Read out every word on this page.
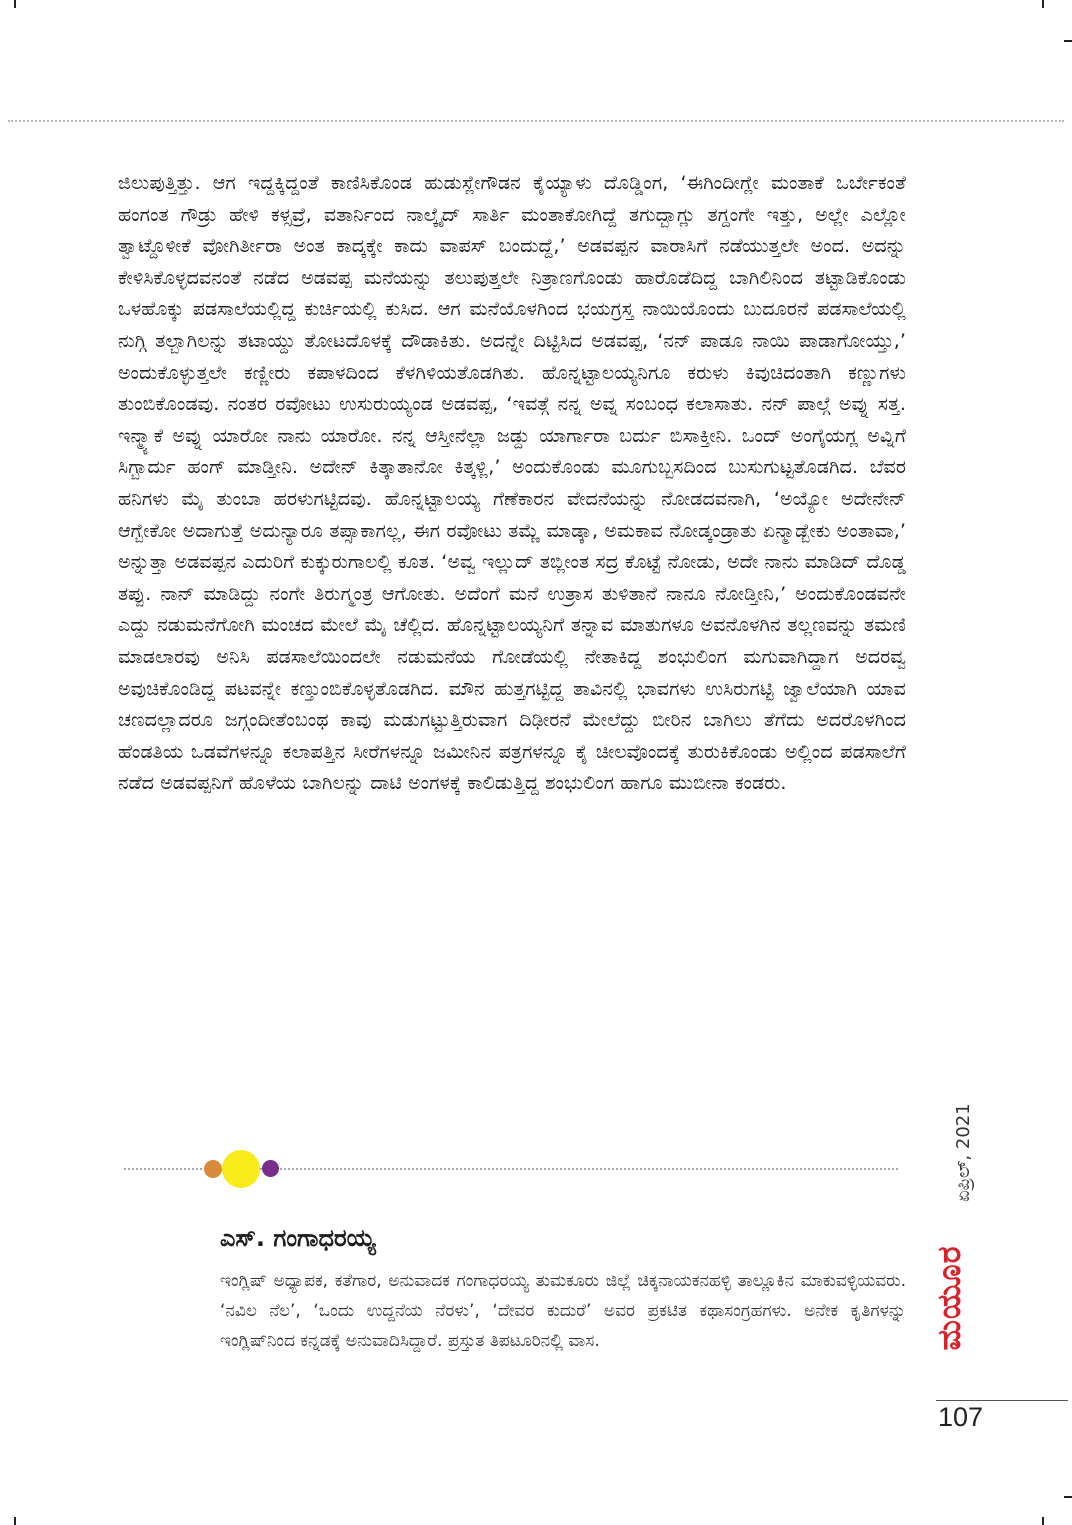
ಜಿಲುಪುತ್ತಿತ್ತು. ಆಗ ಇದ್ದಕ್ಕಿದ್ದಂತೆ ಕಾಣಿಸಿಕೊಂಡ ಹುಡುಸ್ಲೇಗೌಡನ ಕೈಯ್ಯಾಳು ದೊಡ್ಡಿಂಗ, ‘ಈಗಿಂದೀಗ್ಲೇ ಮಂತಾಕೆ ಒರ್ಬೇಕಂತೆ ಹಂಗಂತ ಗೌಡ್ರು ಹೇಳಿ ಕಳ್ಸವ್ರೆ, ವತಾರ್ನಿಂದ ನಾಲ್ಕೈದ್ ಸಾರ್ತಿ ಮಂತಾಕೋಗಿದ್ದೆ ತಗುದ್ಬಾಗ್ಲು ತಗ್ದಂಗೇ ಇತ್ತು, ಅಲ್ಲೇ ಎಲ್ಲೋ ತ್ವಾಟ್ದೊಳೀಕೆ ವೋಗಿರ್ತೀರಾ ಅಂತ ಕಾದ್ಕಕ್ಕೇ ಕಾದು ವಾಪಸ್ ಬಂದುದ್ದೆ,’ ಅಡವಪ್ಪನ ವಾರಾಸಿಗೆ ನಡೆಯುತ್ತಲೇ ಅಂದ. ಅದನ್ನು ಕೇಳಿಸಿಕೊಳ್ಳದವನಂತೆ ನಡೆದ ಅಡವಪ್ಪ ಮನೆಯನ್ನು ತಲುಪುತ್ತಲೇ ನಿತ್ರಾಣಗೊಂಡು ಹಾರೊಡೆದಿದ್ದ ಬಾಗಿಲಿನಿಂದ ತಟ್ಟಾಡಿಕೊಂಡು ಒಳಹೊಕ್ಕು ಪಡಸಾಲೆಯಲ್ಲಿದ್ದ ಕುರ್ಚಿಯಲ್ಲಿ ಕುಸಿದ. ಆಗ ಮನೆಯೊಳಗಿಂದ ಭಯಗ್ರಸ್ತ ನಾಯಿಯೊಂದು ಬುದೂರನೆ ಪಡಸಾಲೆಯಲ್ಲಿ ನುಗ್ಗಿ ತಲ್ಬಾಗಿಲನ್ನು ತಟಾಯ್ದು ತೋಟದೊಳಕ್ಕೆ ದೌಡಾಕಿತು. ಅದನ್ನೇ ದಿಟ್ಟಿಸಿದ ಅಡವಪ್ಪ, ‘ನನ್ ಪಾಡೂ ನಾಯಿ ಪಾಡಾಗೋಯ್ತು,’ ಅಂದುಕೊಳ್ಳುತ್ತಲೇ ಕಣ್ಣೀರು ಕಪಾಳದಿಂದ ಕೆಳಗಿಳಿಯತೊಡಗಿತು. ಹೊನ್ನಟ್ಟಾಲಯ್ಯನಿಗೂ ಕರುಳು ಕಿವುಚಿದಂತಾಗಿ ಕಣ್ಣುಗಳು ತುಂಬಿಕೊಂಡವು. ನಂತರ ರವೋಟು ಉಸುರುಯ್ಯಂಡ ಅಡವಪ್ಪ, ‘ಇವತ್ಗೆ ನನ್ನ ಅವ್ನ ಸಂಬಂಧ ಕಲಾಸಾತು. ನನ್ ಪಾಲ್ಗೆ ಅವ್ನು ಸತ್ತ. ಇನ್ಮ್ಯಾಕೆ ಅವ್ನು ಯಾರೋ ನಾನು ಯಾರೋ. ನನ್ನ ಆಸ್ತೀನೆಲ್ಲಾ ಜಡ್ದು ಯಾರ್ಗಾರಾ ಬರ್ದು ಬಿಸಾಕ್ತೀನಿ. ಒಂದ್ ಅಂಗೈಯಗ್ಲ ಅವ್ನಿಗೆ ಸಿಗ್ಬಾರ್ದು ಹಂಗ್ ಮಾಡ್ತೀನಿ. ಅದೇನ್ ಕಿತ್ಕಾತಾನೋ ಕಿತ್ಕಳ್ಲಿ,’ ಅಂದುಕೊಂಡು ಮೂಗುಬ್ಬಸದಿಂದ ಬುಸುಗುಟ್ಟತೊಡಗಿದ. ಬೆವರ ಹನಿಗಳು ಮೈ ತುಂಬಾ ಹರಳುಗಟ್ಟಿದವು. ಹೊನ್ನಟ್ಟಾಲಯ್ಯ ಗೆಣೆಕಾರನ ವೇದನೆಯನ್ನು ನೋಡದವನಾಗಿ, ‘ಅಯ್ಯೋ ಅದೇನೇನ್ ಆಗ್ಬೇಕೋ ಅದಾಗುತ್ತೆ ಅದುನ್ಯಾರೂ ತಪ್ಸಾಕಾಗಲ್ಲ, ಈಗ ರವೋಟು ತಮ್ಣೆ ಮಾಡ್ಕಾ, ಅಮಕಾವ ನೋಡ್ಕಂಡ್ರಾತು ಏನ್ಮಾಡ್ಬೇಕು ಅಂತಾವಾ,’ ಅನ್ನುತ್ತಾ ಅಡವಪ್ಪನ ಎದುರಿಗೆ ಕುಕ್ಕುರುಗಾಲಲ್ಲಿ ಕೂತ. ‘ಅವ್ವ ಇಲ್ಲುದ್ ತಬ್ಲೀಂತ ಸದ್ರ ಕೊಟ್ಟೆ ನೋಡು, ಅದೇ ನಾನು ಮಾಡಿದ್ ದೊಡ್ಡ ತಪ್ಪು. ನಾನ್ ಮಾಡಿದ್ದು ನಂಗೇ ತಿರುಗ್ಮಂತ್ರ ಆಗೋತು. ಅದೆಂಗೆ ಮನೆ ಉತ್ರಾಸ ತುಳಿತಾನೆ ನಾನೂ ನೋಡ್ತೀನಿ,’ ಅಂದುಕೊಂಡವನೇ ಎದ್ದು ನಡುಮನೆಗೋಗಿ ಮಂಚದ ಮೇಲೆ ಮೈ ಚೆಲ್ಲಿದ. ಹೊನ್ನಟ್ಟಾಲಯ್ಯನಿಗೆ ತನ್ನಾವ ಮಾತುಗಳೂ ಅವನೊಳಗಿನ ತಲ್ಲಣವನ್ನು ತಮಣಿ ಮಾಡಲಾರವು ಅನಿಸಿ ಪಡಸಾಲೆಯಿಂದಲೇ ನಡುಮನೆಯ ಗೋಡೆಯಲ್ಲಿ ನೇತಾಕಿದ್ದ ಶಂಭುಲಿಂಗ ಮಗುವಾಗಿದ್ದಾಗ ಅದರವ್ವ ಅವುಚಿಕೊಂಡಿದ್ದ ಪಟವನ್ನೇ ಕಣ್ತುಂಬಿಕೊಳ್ಳತೊಡಗಿದ. ಮೌನ ಹುತ್ತಗಟ್ಟಿದ್ದ ತಾವಿನಲ್ಲಿ ಭಾವಗಳು ಉಸಿರುಗಟ್ಟಿ ಜ್ವಾಲೆಯಾಗಿ ಯಾವ ಚಣದಲ್ಲಾದರೂ ಜಗ್ಗಂದೀತೆಂಬಂಥ ಕಾವು ಮಡುಗಟ್ಟುತ್ತಿರುವಾಗ ದಿಢೀರನೆ ಮೇಲೆದ್ದು ಬೀರಿನ ಬಾಗಿಲು ತೆಗೆದು ಅದರೊಳಗಿಂದ ಹೆಂಡತಿಯ ಒಡವೆಗಳನ್ನೂ ಕಲಾಪತ್ತಿನ ಸೀರೆಗಳನ್ನೂ ಜಮೀನಿನ ಪತ್ರಗಳನ್ನೂ ಕೈ ಚೀಲವೊಂದಕ್ಕೆ ತುರುಕಿಕೊಂಡು ಅಲ್ಲಿಂದ ಪಡಸಾಲೆಗೆ ನಡೆದ ಅಡವಪ್ಪನಿಗೆ ಹೊಳೆಯ ಬಾಗಿಲನ್ನು ದಾಟಿ ಅಂಗಳಕ್ಕೆ ಕಾಲಿಡುತ್ತಿದ್ದ ಶಂಭುಲಿಂಗ ಹಾಗೂ ಮುಬೀನಾ ಕಂಡರು.

ಎಸ್. ಗಂಗಾಧರಯ್ಯ

ಇಂಗ್ಲಿಷ್ ಅಧ್ಯಾಪಕ, ಕತೆಗಾರ, ಅನುವಾದಕ ಗಂಗಾಧರಯ್ಯ ತುಮಕೂರು ಜಿಲ್ಲೆ ಚಿಕ್ಕನಾಯಕನಹಳ್ಳಿ ತಾಲ್ಲೂಕಿನ ಮಾಕುವಳ್ಳಿಯವರು. ‘ನವಿಲ ನೆಲ’, ‘ಒಂದು ಉದ್ದನೆಯ ನೆರಳು’, ‘ದೇವರ ಕುದುರೆ’ ಅವರ ಪ್ರಕಟಿತ ಕಥಾಸಂಗ್ರಹಗಳು. ಅನೇಕ ಕೃತಿಗಳನ್ನು ಇಂಗ್ಲಿಷ್‌ನಿಂದ ಕನ್ನಡಕ್ಕೆ ಅನುವಾದಿಸಿದ್ದಾರೆ. ಪ್ರಸ್ತುತ ತಿಪಟೂರಿನಲ್ಲಿ ವಾಸ.

ಏಪ್ರಿಲ್, 2021
ಮಯೂರ
107
